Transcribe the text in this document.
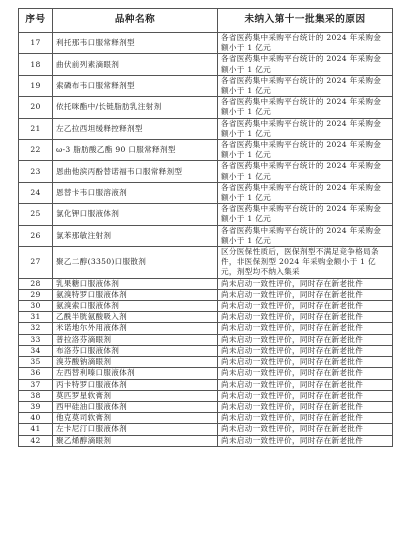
序号	品种名称	未纳入第十一批集采的原因
17	利托那韦口服常释剂型	各省医药集中采购平台统计的 2024 年采购金额小于 1 亿元
18	曲伏前列素滴眼剂	各省医药集中采购平台统计的 2024 年采购金额小于 1 亿元
19	索磷布韦口服常释剂型	各省医药集中采购平台统计的 2024 年采购金额小于 1 亿元
20	依托咪酯中/长链脂肪乳注射剂	各省医药集中采购平台统计的 2024 年采购金额小于 1 亿元
21	左乙拉西坦缓释控释剂型	各省医药集中采购平台统计的 2024 年采购金额小于 1 亿元
22	ω-3 脂肪酸乙酯 90 口服常释剂型	各省医药集中采购平台统计的 2024 年采购金额小于 1 亿元
23	恩曲他滨丙酚替诺福韦口服常释剂型	各省医药集中采购平台统计的 2024 年采购金额小于 1 亿元
24	恩替卡韦口服溶液剂	各省医药集中采购平台统计的 2024 年采购金额小于 1 亿元
25	氯化钾口服液体剂	各省医药集中采购平台统计的 2024 年采购金额小于 1 亿元
26	氯苯那敏注射剂	各省医药集中采购平台统计的 2024 年采购金额小于 1 亿元
27	聚乙二醇(3350)口服散剂	区分医保性质后，医保剂型不满足竞争格局条件，非医保剂型 2024 年采购金额小于 1 亿元，剂型均不纳入集采
28	乳果糖口服液体剂	尚未启动一致性评价，同时存在新老批件
29	氨溴特罗口服液体剂	尚未启动一致性评价，同时存在新老批件
30	氨溴索口服液体剂	尚未启动一致性评价，同时存在新老批件
31	乙酰半胱氨酸吸入剂	尚未启动一致性评价，同时存在新老批件
32	米诺地尔外用液体剂	尚未启动一致性评价，同时存在新老批件
33	普拉洛芬滴眼剂	尚未启动一致性评价，同时存在新老批件
34	布洛芬口服液体剂	尚未启动一致性评价，同时存在新老批件
35	溴芬酸钠滴眼剂	尚未启动一致性评价，同时存在新老批件
36	左西替利嗪口服液体剂	尚未启动一致性评价，同时存在新老批件
37	丙卡特罗口服液体剂	尚未启动一致性评价，同时存在新老批件
38	莫匹罗星软膏剂	尚未启动一致性评价，同时存在新老批件
39	西甲硅油口服液体剂	尚未启动一致性评价，同时存在新老批件
40	他克莫司软膏剂	尚未启动一致性评价，同时存在新老批件
41	左卡尼汀口服液体剂	尚未启动一致性评价，同时存在新老批件
42	聚乙烯醇滴眼剂	尚未启动一致性评价，同时存在新老批件
